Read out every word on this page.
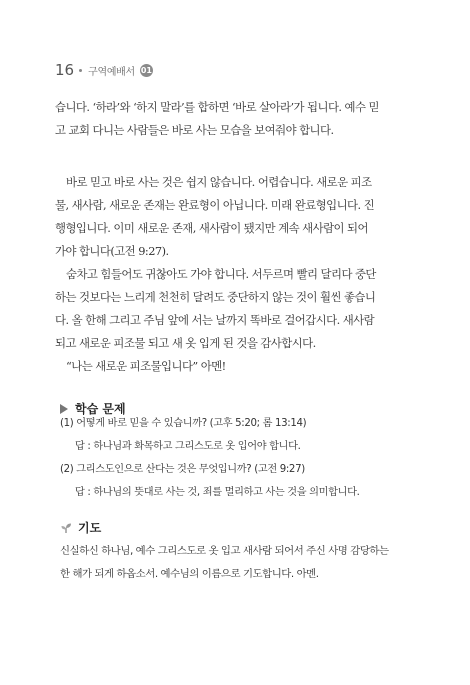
16 구역예배서 01

습니다. ‘하라’와 ‘하지 말라’를 합하면 ‘바로 살아라’가 됩니다. 예수 믿

고 교회 다니는 사람들은 바로 사는 모습을 보여줘야 합니다.

바로 믿고 바로 사는 것은 쉽지 않습니다. 어렵습니다. 새로운 피조

물, 새사람, 새로운 존재는 완료형이 아닙니다. 미래 완료형입니다. 진

행형입니다. 이미 새로운 존재, 새사람이 됐지만 계속 새사람이 되어

가야 합니다(고전 9:27).

숨차고 힘들어도 귀찮아도 가야 합니다. 서두르며 빨리 달리다 중단

하는 것보다는 느리게 천천히 달려도 중단하지 않는 것이 훨씬 좋습니

다. 올 한해 그리고 주님 앞에 서는 날까지 똑바로 걸어갑시다. 새사람

되고 새로운 피조물 되고 새 옷 입게 된 것을 감사합시다.

“나는 새로운 피조물입니다” 아멘!

학습 문제

(1) 어떻게 바로 믿을 수 있습니까? (고후 5:20; 롬 13:14)

답 : 하나님과 화목하고 그리스도로 옷 입어야 합니다.

(2) 그리스도인으로 산다는 것은 무엇입니까? (고전 9:27)

답 : 하나님의 뜻대로 사는 것, 죄를 멀리하고 사는 것을 의미합니다.

기도

신실하신 하나님, 예수 그리스도로 옷 입고 새사람 되어서 주신 사명 감당하는

한 해가 되게 하옵소서. 예수님의 이름으로 기도합니다. 아멘.
